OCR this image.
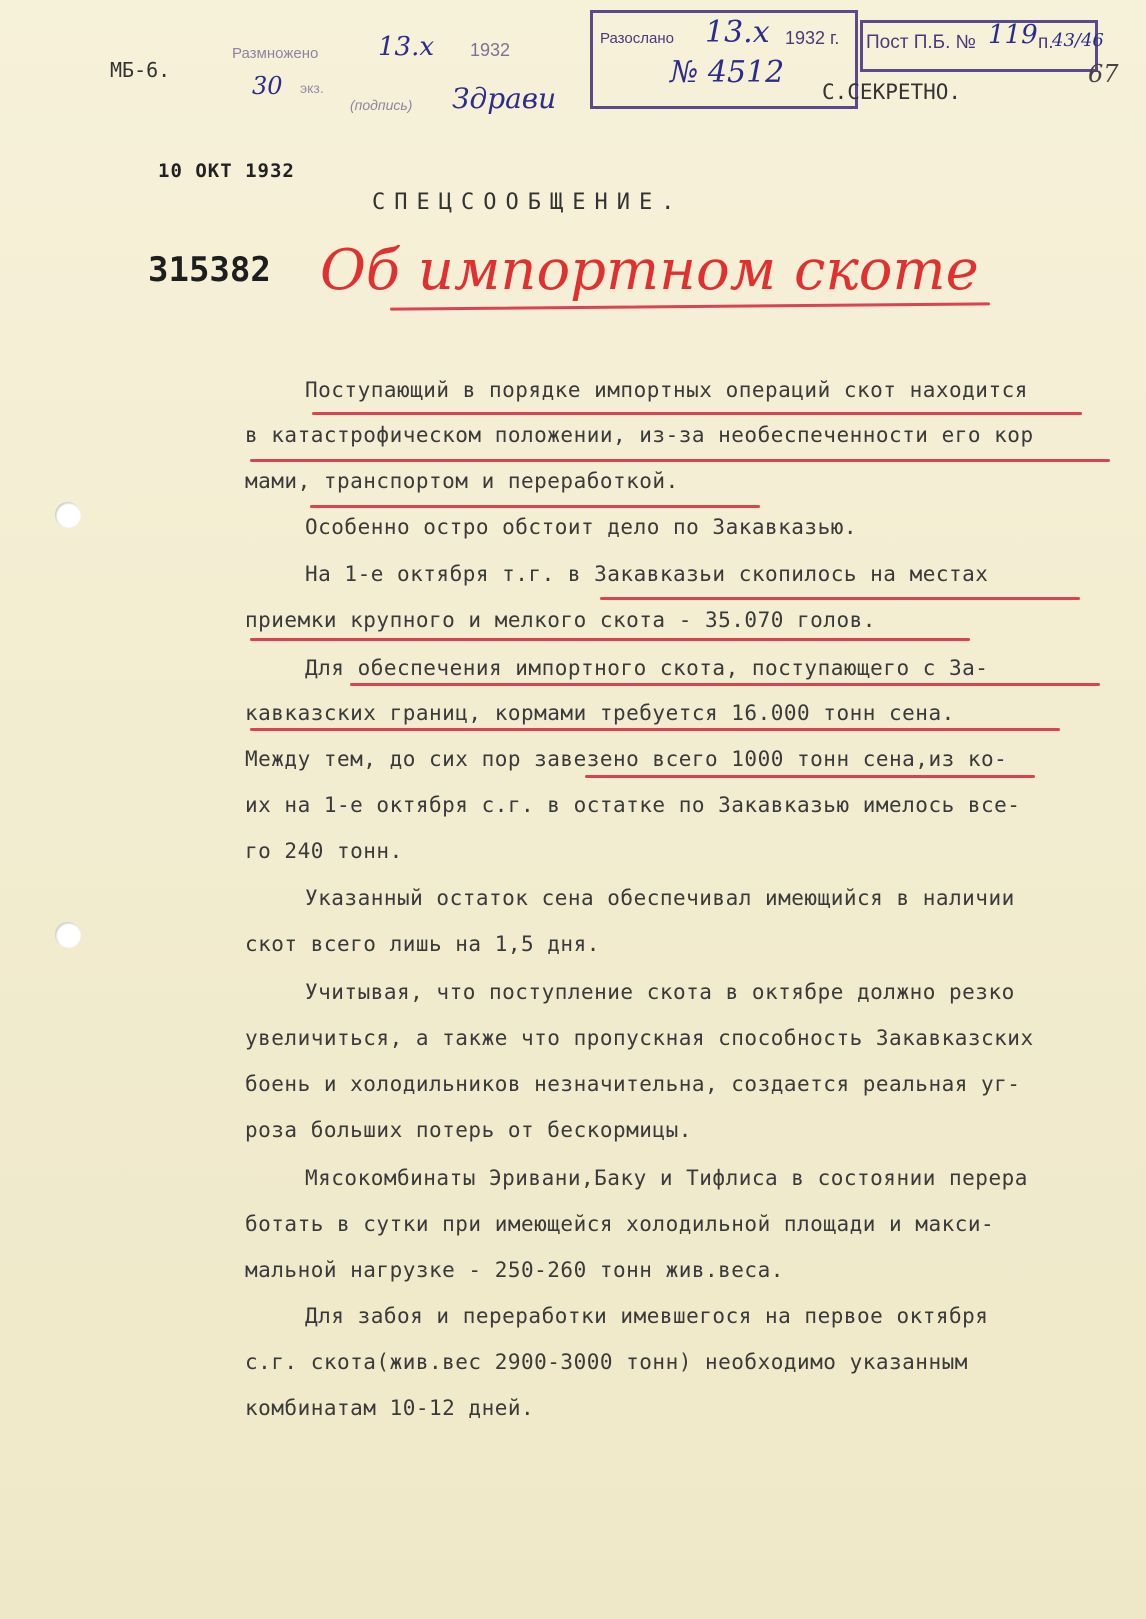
МБ-6.
Размножено 13.х 1932
30 экз.
(подпись) Здрави
Разослано 13.х 1932 г.
№ 4512
Пост П.Б. № 119 п.
43/46
67
С.СЕКРЕТНО.
10 ОКТ 1932
СПЕЦСООБЩЕНИЕ.
315382 Об импортном скоте
Поступающий в порядке импортных операций скот находится
в катастрофическом положении, из-за необеспеченности его кор
мами, транспортом и переработкой.
Особенно остро обстоит дело по Закавказью.
На 1-е октября т.г. в Закавказьи скопилось на местах
приемки крупного и мелкого скота - 35.070 голов.
Для обеспечения импортного скота, поступающего с За-
кавказских границ, кормами требуется 16.000 тонн сена.
Между тем, до сих пор завезено всего 1000 тонн сена,из ко-
их на 1-е октября с.г. в остатке по Закавказью имелось все-
го 240 тонн.
Указанный остаток сена обеспечивал имеющийся в наличии
скот всего лишь на 1,5 дня.
Учитывая, что поступление скота в октябре должно резко
увеличиться, а также что пропускная способность Закавказских
боень и холодильников незначительна, создается реальная уг-
роза больших потерь от бескормицы.
Мясокомбинаты Эривани,Баку и Тифлиса в состоянии перера
ботать в сутки при имеющейся холодильной площади и макси-
мальной нагрузке - 250-260 тонн жив.веса.
Для забоя и переработки имевшегося на первое октября
с.г. скота(жив.вес 2900-3000 тонн) необходимо указанным
комбинатам 10-12 дней.
